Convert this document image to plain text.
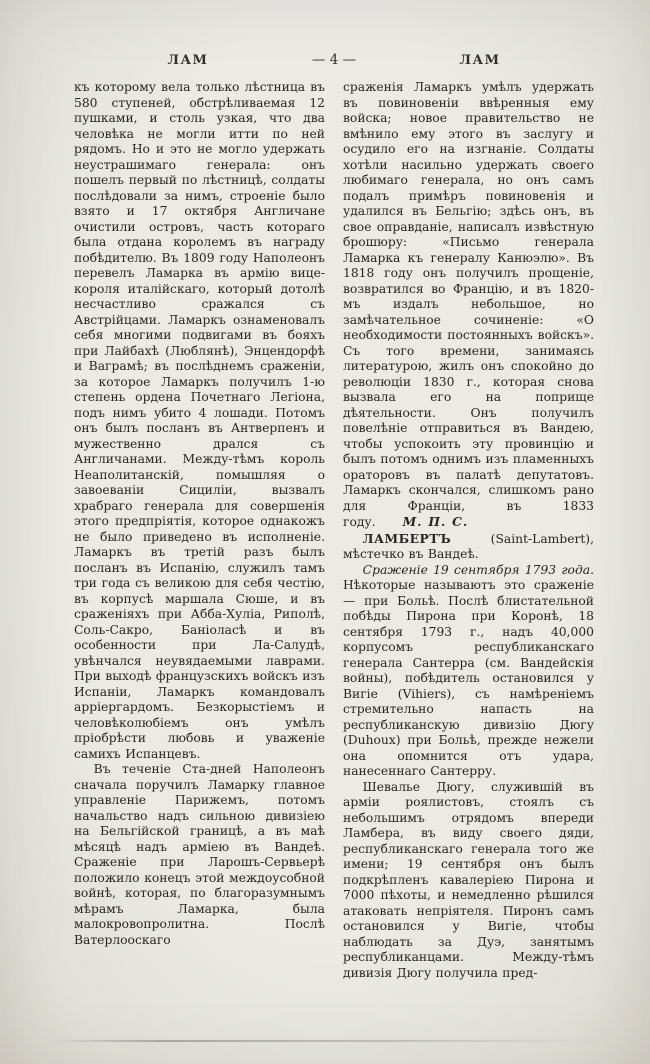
ЛАМ	— 4 —	ЛАМ

къ которому вела только лѣстница въ 580 ступеней, обстрѣливаемая 12 пушками, и столь узкая, что два человѣка не могли итти по ней рядомъ. Но и это не могло удержать неустрашимаго генерала: онъ пошелъ первый по лѣстницѣ, солдаты послѣдовали за нимъ, строеніе было взято и 17 октября Англичане очистили островъ, часть котораго была отдана королемъ въ награду побѣдителю. Въ 1809 году Наполеонъ перевелъ Ламарка въ армію вице-короля италійскаго, который дотолѣ несчастливо сражался съ Австрійцами. Ламаркъ ознаменовалъ себя многими подвигами въ бояхъ при Лайбахѣ (Люблянѣ), Энцендорфѣ и Ваграмѣ; въ послѣднемъ сраженіи, за которое Ламаркъ получилъ 1-ю степень ордена Почетнаго Легіона, подъ нимъ убито 4 лошади. Потомъ онъ былъ посланъ въ Антверпенъ и мужественно дрался съ Англичанами. Между-тѣмъ король Неаполитанскій, помышляя о завоеваніи Сициліи, вызвалъ храбраго генерала для совершенія этого предпріятія, которое однакожъ не было приведено въ исполненіе. Ламаркъ въ третій разъ былъ посланъ въ Испанію, служилъ тамъ три года съ великою для себя честію, въ корпусѣ маршала Сюше, и въ сраженіяхъ при Абба-Хуліа, Риполѣ, Соль-Сакро, Баніоласѣ и въ особенности при Ла-Салудѣ, увѣнчался неувядаемыми лаврами. При выходѣ французскихъ войскъ изъ Испаніи, Ламаркъ командовалъ арріергардомъ. Безкорыстіемъ и человѣколюбіемъ онъ умѣлъ пріобрѣсти любовь и уваженіе самихъ Испанцевъ.

Въ теченіе Ста-дней Наполеонъ сначала поручилъ Ламарку главное управленіе Парижемъ, потомъ начальство надъ сильною дивизіею на Бельгійской границѣ, а въ маѣ мѣсяцѣ надъ арміею въ Вандеѣ. Сраженіе при Ларошъ-Сервьерѣ положило конецъ этой междоусобной войнѣ, которая, по благоразумнымъ мѣрамъ Ламарка, была малокровопролитна. Послѣ Ватерлооскаго

сраженія Ламаркъ умѣлъ удержать въ повиновеніи ввѣренныя ему войска; новое правительство не вмѣнило ему этого въ заслугу и осудило его на изгнаніе. Солдаты хотѣли насильно удержать своего любимаго генерала, но онъ самъ подалъ примѣръ повиновенія и удалился въ Бельгію; здѣсь онъ, въ свое оправданіе, написалъ извѣстную брошюру: «Письмо генерала Ламарка къ генералу Канюэлю». Въ 1818 году онъ получилъ прощеніе, возвратился во Францію, и въ 1820-мъ издалъ небольшое, но замѣчательное сочиненіе: «О необходимости постоянныхъ войскъ». Съ того времени, занимаясь литературою, жилъ онъ спокойно до революціи 1830 г., которая снова вызвала его на поприще дѣятельности. Онъ получилъ повелѣніе отправиться въ Вандею, чтобы успокоить эту провинцію и былъ потомъ однимъ изъ пламенныхъ ораторовъ въ палатѣ депутатовъ. Ламаркъ скончался, слишкомъ рано для Франціи, въ 1833 году. М. П. С.

ЛАМБЕРТЪ (Saint-Lambert), мѣстечко въ Вандеѣ.

Сраженіе 19 сентября 1793 года. Нѣкоторые называютъ это сраженіе — при Больѣ. Послѣ блистательной побѣды Пирона при Коронѣ, 18 сентября 1793 г., надъ 40,000 корпусомъ республиканскаго генерала Сантерра (см. Вандейскія войны), побѣдитель остановился у Вигіе (Vihiers), съ намѣреніемъ стремительно напасть на республиканскую дивизію Дюгу (Duhoux) при Больѣ, прежде нежели она опомнится отъ удара, нанесеннаго Сантерру.

Шевалье Дюгу, служившій въ арміи роялистовъ, стоялъ съ небольшимъ отрядомъ впереди Ламбера, въ виду своего дяди, республиканскаго генерала того же имени; 19 сентября онъ былъ подкрѣпленъ кавалеріею Пирона и 7000 пѣхоты, и немедленно рѣшился атаковать непріятеля. Пиронъ самъ остановился у Вигіе, чтобы наблюдать за Дуэ, занятымъ республиканцами. Между-тѣмъ дивизія Дюгу получила пред-
